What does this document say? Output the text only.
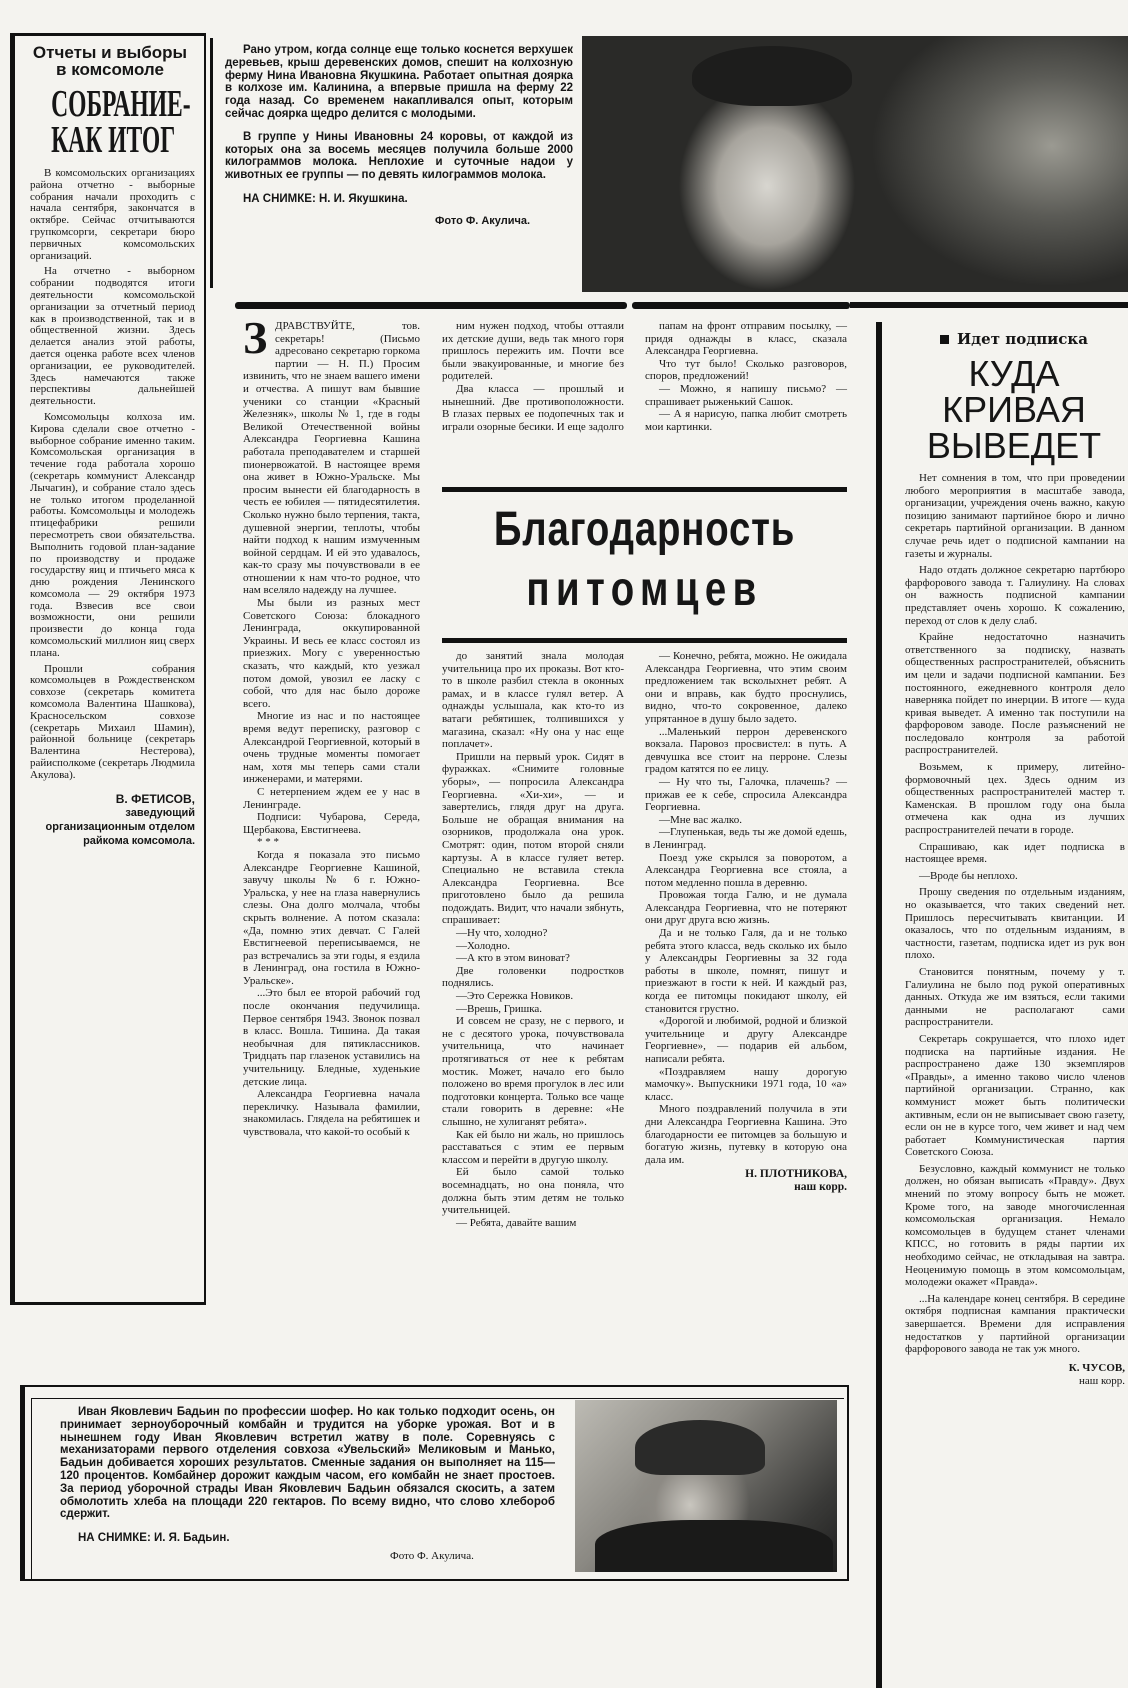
Отчеты и выборы
в комсомоле
СОБРАНИЕ-
КАК ИТОГ

В комсомольских организациях района отчетно - выборные собрания начали проходить с начала сентября, закончатся в октябре. Сейчас отчитываются групкомсорги, секретари бюро первичных комсомольских организаций.

На отчетно - выборном собрании подводятся итоги деятельности комсомольской организации за отчетный период как в производственной, так и в общественной жизни. Здесь делается анализ этой работы, дается оценка работе всех членов организации, ее руководителей. Здесь намечаются также перспективы дальнейшей деятельности.

Комсомольцы колхоза им. Кирова сделали свое отчетно - выборное собрание именно таким. Комсомольская организация в течение года работала хорошо (секретарь коммунист Александр Лычагин), и собрание стало здесь не только итогом проделанной работы. Комсомольцы и молодежь птицефабрики решили пересмотреть свои обязательства. Выполнить годовой план-задание по производству и продаже государству яиц и птичьего мяса к дню рождения Ленинского комсомола — 29 октября 1973 года. Взвесив все свои возможности, они решили произвести до конца года комсомольский миллион яиц сверх плана.

Прошли собрания комсомольцев в Рождественском совхозе (секретарь комитета комсомола Валентина Шашкова), Красносельском совхозе (секретарь Михаил Шамин), районной больнице (секретарь Валентина Нестерова), райисполкоме (секретарь Людмила Акулова).

В. ФЕТИСОВ,
заведующий организационным отделом райкома комсомола.

Рано утром, когда солнце еще только коснется верхушек деревьев, крыш деревенских домов, спешит на колхозную ферму Нина Ивановна Якушкина. Работает опытная доярка в колхозе им. Калинина, а впервые пришла на ферму 22 года назад. Со временем накапливался опыт, которым сейчас доярка щедро делится с молодыми.

В группе у Нины Ивановны 24 коровы, от каждой из которых она за восемь месяцев получила больше 2000 килограммов молока. Неплохие и суточные надои у животных ее группы — по девять килограммов молока.

НА СНИМКЕ: Н. И. Якушкина.
Фото Ф. Акулича.
З ДРАВСТВУЙТЕ, тов. секретарь! (Письмо адресовано секретарю горкома партии — Н. П.) Просим извинить, что не знаем вашего имени и отчества. А пишут вам бывшие ученики со станции «Красный Железняк», школы № 1, где в годы Великой Отечественной войны Александра Георгиевна Кашина работала преподавателем и старшей пионервожатой. В настоящее время она живет в Южно-Уральске. Мы просим вынести ей благодарность в честь ее юбилея — пятидесятилетия. Сколько нужно было терпения, такта, душевной энергии, теплоты, чтобы найти подход к нашим измученным войной сердцам. И ей это удавалось, как-то сразу мы почувствовали в ее отношении к нам что-то родное, что нам вселяло надежду на лучшее.

Мы были из разных мест Советского Союза: блокадного Ленинграда, оккупированной Украины. И весь ее класс состоял из приезжих. Могу с уверенностью сказать, что каждый, кто уезжал потом домой, увозил ее ласку с собой, что для нас было дороже всего.

Многие из нас и по настоящее время ведут переписку, разговор с Александрой Георгиевной, который в очень трудные моменты помогает нам, хотя мы теперь сами стали инженерами, и матерями.

С нетерпением ждем ее у нас в Ленинграде.

Подписи: Чубарова, Середа, Щербакова, Евстигнеева.

* * *

Когда я показала это письмо Александре Георгиевне Кашиной, завучу школы № 6 г. Южно-Уральска, у нее на глаза навернулись слезы. Она долго молчала, чтобы скрыть волнение. А потом сказала: «Да, помню этих девчат. С Галей Евстигнеевой переписываемся, не раз встречались за эти годы, я ездила в Ленинград, она гостила в Южно-Уральске».

...Это был ее второй рабочий год после окончания педучилища. Первое сентября 1943. Звонок позвал в класс. Вошла. Тишина. Да такая необычная для пятиклассников. Тридцать пар глазенок уставились на учительницу. Бледные, худенькие детские лица.

Александра Георгиевна начала перекличку. Называла фамилии, знакомилась. Глядела на ребятишек и чувствовала, что какой-то особый к

ним нужен подход, чтобы оттаяли их детские души, ведь так много горя пришлось пережить им. Почти все были эвакуированные, и многие без родителей.

Два класса — прошлый и нынешний. Две противоположности. В глазах первых ее подопечных так и играли озорные бесики. И еще задолго

папам на фронт отправим посылку, — придя однажды в класс, сказала Александра Георгиевна.

Что тут было! Сколько разговоров, споров, предложений!

— Можно, я напишу письмо? — спрашивает рыженький Сашок.

— А я нарисую, папка любит смотреть мои картинки.

Благодарность
питомцев

до занятий знала молодая учительница про их проказы. Вот кто-то в школе разбил стекла в оконных рамах, и в классе гулял ветер. А однажды услышала, как кто-то из ватаги ребятишек, толпившихся у магазина, сказал: «Ну она у нас еще поплачет».

Пришли на первый урок. Сидят в фуражках. «Снимите головные уборы», — попросила Александра Георгиевна. «Хи-хи», — и завертелись, глядя друг на друга. Больше не обращая внимания на озорников, продолжала она урок. Смотрят: один, потом второй сняли картузы. А в классе гуляет ветер. Специально не вставила стекла Александра Георгиевна. Все приготовлено было да решила подождать. Видит, что начали зябнуть, спрашивает:

—Ну что, холодно?

—Холодно.

—А кто в этом виноват?

Две головенки подростков поднялись.

—Это Сережка Новиков.

—Врешь, Гришка.

И совсем не сразу, не с первого, и не с десятого урока, почувствовала учительница, что начинает протягиваться от нее к ребятам мостик. Может, начало его было положено во время прогулок в лес или подготовки концерта. Только все чаще стали говорить в деревне: «Не слышно, не хулиганят ребята».

Как ей было ни жаль, но пришлось расставаться с этим ее первым классом и перейти в другую школу.

Ей было самой только восемнадцать, но она поняла, что должна быть этим детям не только учительницей.

— Ребята, давайте вашим

— Конечно, ребята, можно. Не ожидала Александра Георгиевна, что этим своим предложением так всколыхнет ребят. А они и вправь, как будто проснулись, видно, что-то сокровенное, далеко упрятанное в душу было задето.

...Маленький перрон деревенского вокзала. Паровоз просвистел: в путь. А девчушка все стоит на перроне. Слезы градом катятся по ее лицу.

— Ну что ты, Галочка, плачешь? — прижав ее к себе, спросила Александра Георгиевна.

—Мне вас жалко.

—Глупенькая, ведь ты же домой едешь, в Ленинград.

Поезд уже скрылся за поворотом, а Александра Георгиевна все стояла, а потом медленно пошла в деревню.

Провожая тогда Галю, и не думала Александра Георгиевна, что не потеряют они друг друга всю жизнь.

Да и не только Галя, да и не только ребята этого класса, ведь сколько их было у Александры Георгиевны за 32 года работы в школе, помнят, пишут и приезжают в гости к ней. И каждый раз, когда ее питомцы покидают школу, ей становится грустно.

«Дорогой и любимой, родной и близкой учительнице и другу Александре Георгиевне», — подарив ей альбом, написали ребята.

«Поздравляем нашу дорогую мамочку». Выпускники 1971 года, 10 «а» класс.

Много поздравлений получила в эти дни Александра Георгиевна Кашина. Это благодарности ее питомцев за большую и богатую жизнь, путевку в которую она дала им.

Н. ПЛОТНИКОВА,
наш корр.
Идет подписка
КУДА
КРИВАЯ
ВЫВЕДЕТ

Нет сомнения в том, что при проведении любого мероприятия в масштабе завода, организации, учреждения очень важно, какую позицию занимают партийное бюро и лично секретарь партийной организации. В данном случае речь идет о подписной кампании на газеты и журналы.

Надо отдать должное секретарю партбюро фарфорового завода т. Галиулину. На словах он важность подписной кампании представляет очень хорошо. К сожалению, переход от слов к делу слаб.

Крайне недостаточно назначить ответственного за подписку, назвать общественных распространителей, объяснить им цели и задачи подписной кампании. Без постоянного, ежедневного контроля дело наверняка пойдет по инерции. В итоге — куда кривая выведет. А именно так поступили на фарфоровом заводе. После разъяснений не последовало контроля за работой распространителей.

Возьмем, к примеру, литейно-формовочный цех. Здесь одним из общественных распространителей мастер т. Каменская. В прошлом году она была отмечена как одна из лучших распространителей печати в городе.

Спрашиваю, как идет подписка в настоящее время.

—Вроде бы неплохо.

Прошу сведения по отдельным изданиям, но оказывается, что таких сведений нет. Пришлось пересчитывать квитанции. И оказалось, что по отдельным изданиям, в частности, газетам, подписка идет из рук вон плохо.

Становится понятным, почему у т. Галиулина не было под рукой оперативных данных. Откуда же им взяться, если такими данными не располагают сами распространители.

Секретарь сокрушается, что плохо идет подписка на партийные издания. Не распространено даже 130 экземпляров «Правды», а именно таково число членов партийной организации. Странно, как коммунист может быть политически активным, если он не выписывает свою газету, если он не в курсе того, чем живет и над чем работает Коммунистическая партия Советского Союза.

Безусловно, каждый коммунист не только должен, но обязан выписать «Правду». Двух мнений по этому вопросу быть не может. Кроме того, на заводе многочисленная комсомольская организация. Немало комсомольцев в будущем станет членами КПСС, но готовить в ряды партии их необходимо сейчас, не откладывая на завтра. Неоценимую помощь в этом комсомольцам, молодежи окажет «Правда».

...На календаре конец сентября. В середине октября подписная кампания практически завершается. Времени для исправления недостатков у партийной организации фарфорового завода не так уж много.

К. ЧУСОВ,
наш корр.

Иван Яковлевич Бадьин по профессии шофер. Но как только подходит осень, он принимает зерноуборочный комбайн и трудится на уборке урожая. Вот и в нынешнем году Иван Яковлевич встретил жатву в поле. Соревнуясь с механизаторами первого отделения совхоза «Увельский» Меликовым и Манько, Бадьин добивается хороших результатов. Сменные задания он выполняет на 115—120 процентов. Комбайнер дорожит каждым часом, его комбайн не знает простоев. За период уборочной страды Иван Яковлевич Бадьин обязался скосить, а затем обмолотить хлеба на площади 220 гектаров. По всему видно, что слово хлебороб сдержит.

НА СНИМКЕ: И. Я. Бадьин.
Фото Ф. Акулича.
